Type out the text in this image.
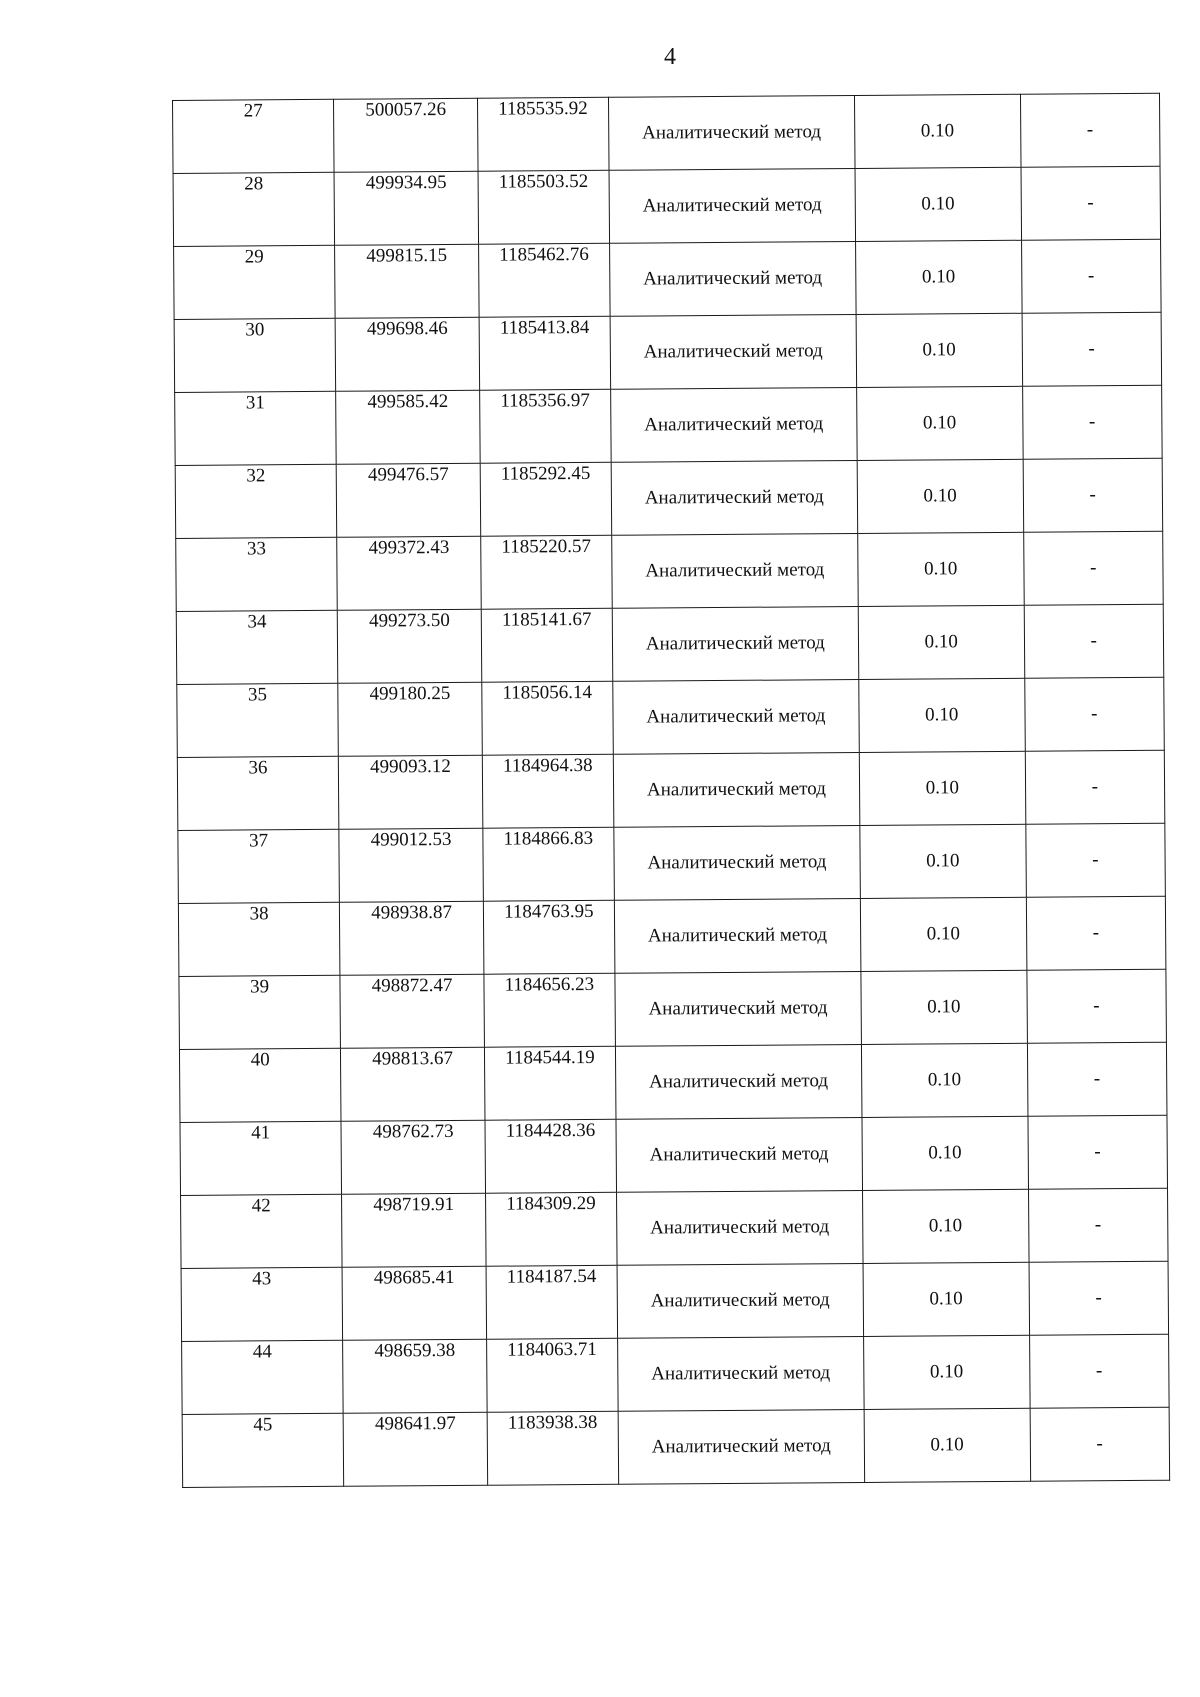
4
27	500057.26	1185535.92	Аналитический метод	0.10	-
28	499934.95	1185503.52	Аналитический метод	0.10	-
29	499815.15	1185462.76	Аналитический метод	0.10	-
30	499698.46	1185413.84	Аналитический метод	0.10	-
31	499585.42	1185356.97	Аналитический метод	0.10	-
32	499476.57	1185292.45	Аналитический метод	0.10	-
33	499372.43	1185220.57	Аналитический метод	0.10	-
34	499273.50	1185141.67	Аналитический метод	0.10	-
35	499180.25	1185056.14	Аналитический метод	0.10	-
36	499093.12	1184964.38	Аналитический метод	0.10	-
37	499012.53	1184866.83	Аналитический метод	0.10	-
38	498938.87	1184763.95	Аналитический метод	0.10	-
39	498872.47	1184656.23	Аналитический метод	0.10	-
40	498813.67	1184544.19	Аналитический метод	0.10	-
41	498762.73	1184428.36	Аналитический метод	0.10	-
42	498719.91	1184309.29	Аналитический метод	0.10	-
43	498685.41	1184187.54	Аналитический метод	0.10	-
44	498659.38	1184063.71	Аналитический метод	0.10	-
45	498641.97	1183938.38	Аналитический метод	0.10	-
